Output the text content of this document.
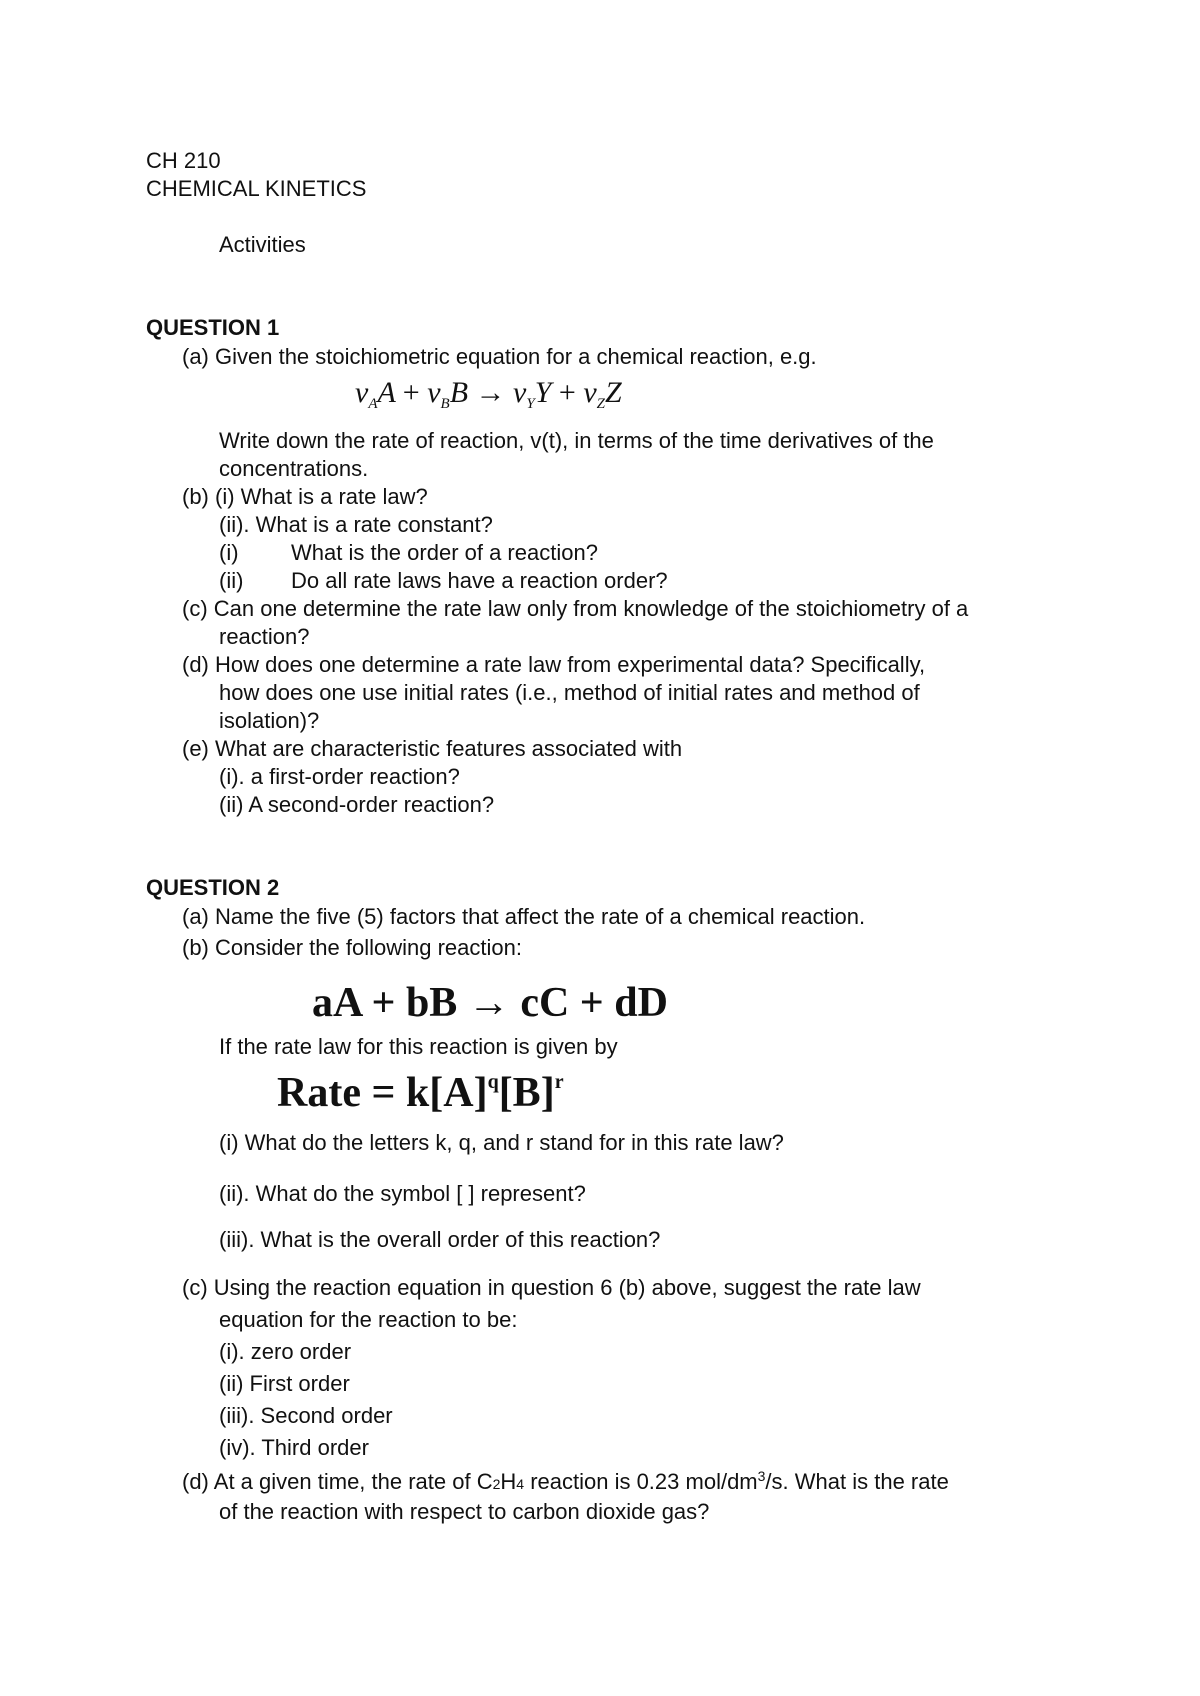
CH 210
CHEMICAL KINETICS
Activities
QUESTION 1
(a) Given the stoichiometric equation for a chemical reaction, e.g.
$\nu_AA + \nu_BB \to \nu_YY + \nu_ZZ$
Write down the rate of reaction, v(t), in terms of the time derivatives of the
concentrations.
(b) (i) What is a rate law?
(ii). What is a rate constant?
(i) What is the order of a reaction?
(ii) Do all rate laws have a reaction order?
(c) Can one determine the rate law only from knowledge of the stoichiometry of a
reaction?
(d) How does one determine a rate law from experimental data? Specifically,
how does one use initial rates (i.e., method of initial rates and method of
isolation)?
(e) What are characteristic features associated with
(i). a first-order reaction?
(ii) A second-order reaction?
QUESTION 2
(a) Name the five (5) factors that affect the rate of a chemical reaction.
(b) Consider the following reaction:
aA + bB → cC + dD
If the rate law for this reaction is given by
Rate = $k[A]^q[B]^r$
(i) What do the letters k, q, and r stand for in this rate law?
(ii). What do the symbol [ ] represent?
(iii). What is the overall order of this reaction?
(c) Using the reaction equation in question 6 (b) above, suggest the rate law
equation for the reaction to be:
(i). zero order
(ii) First order
(iii). Second order
(iv). Third order
(d) At a given time, the rate of C2H4 reaction is 0.23 mol/$dm^3/s$. What is the rate
of the reaction with respect to carbon dioxide gas?
